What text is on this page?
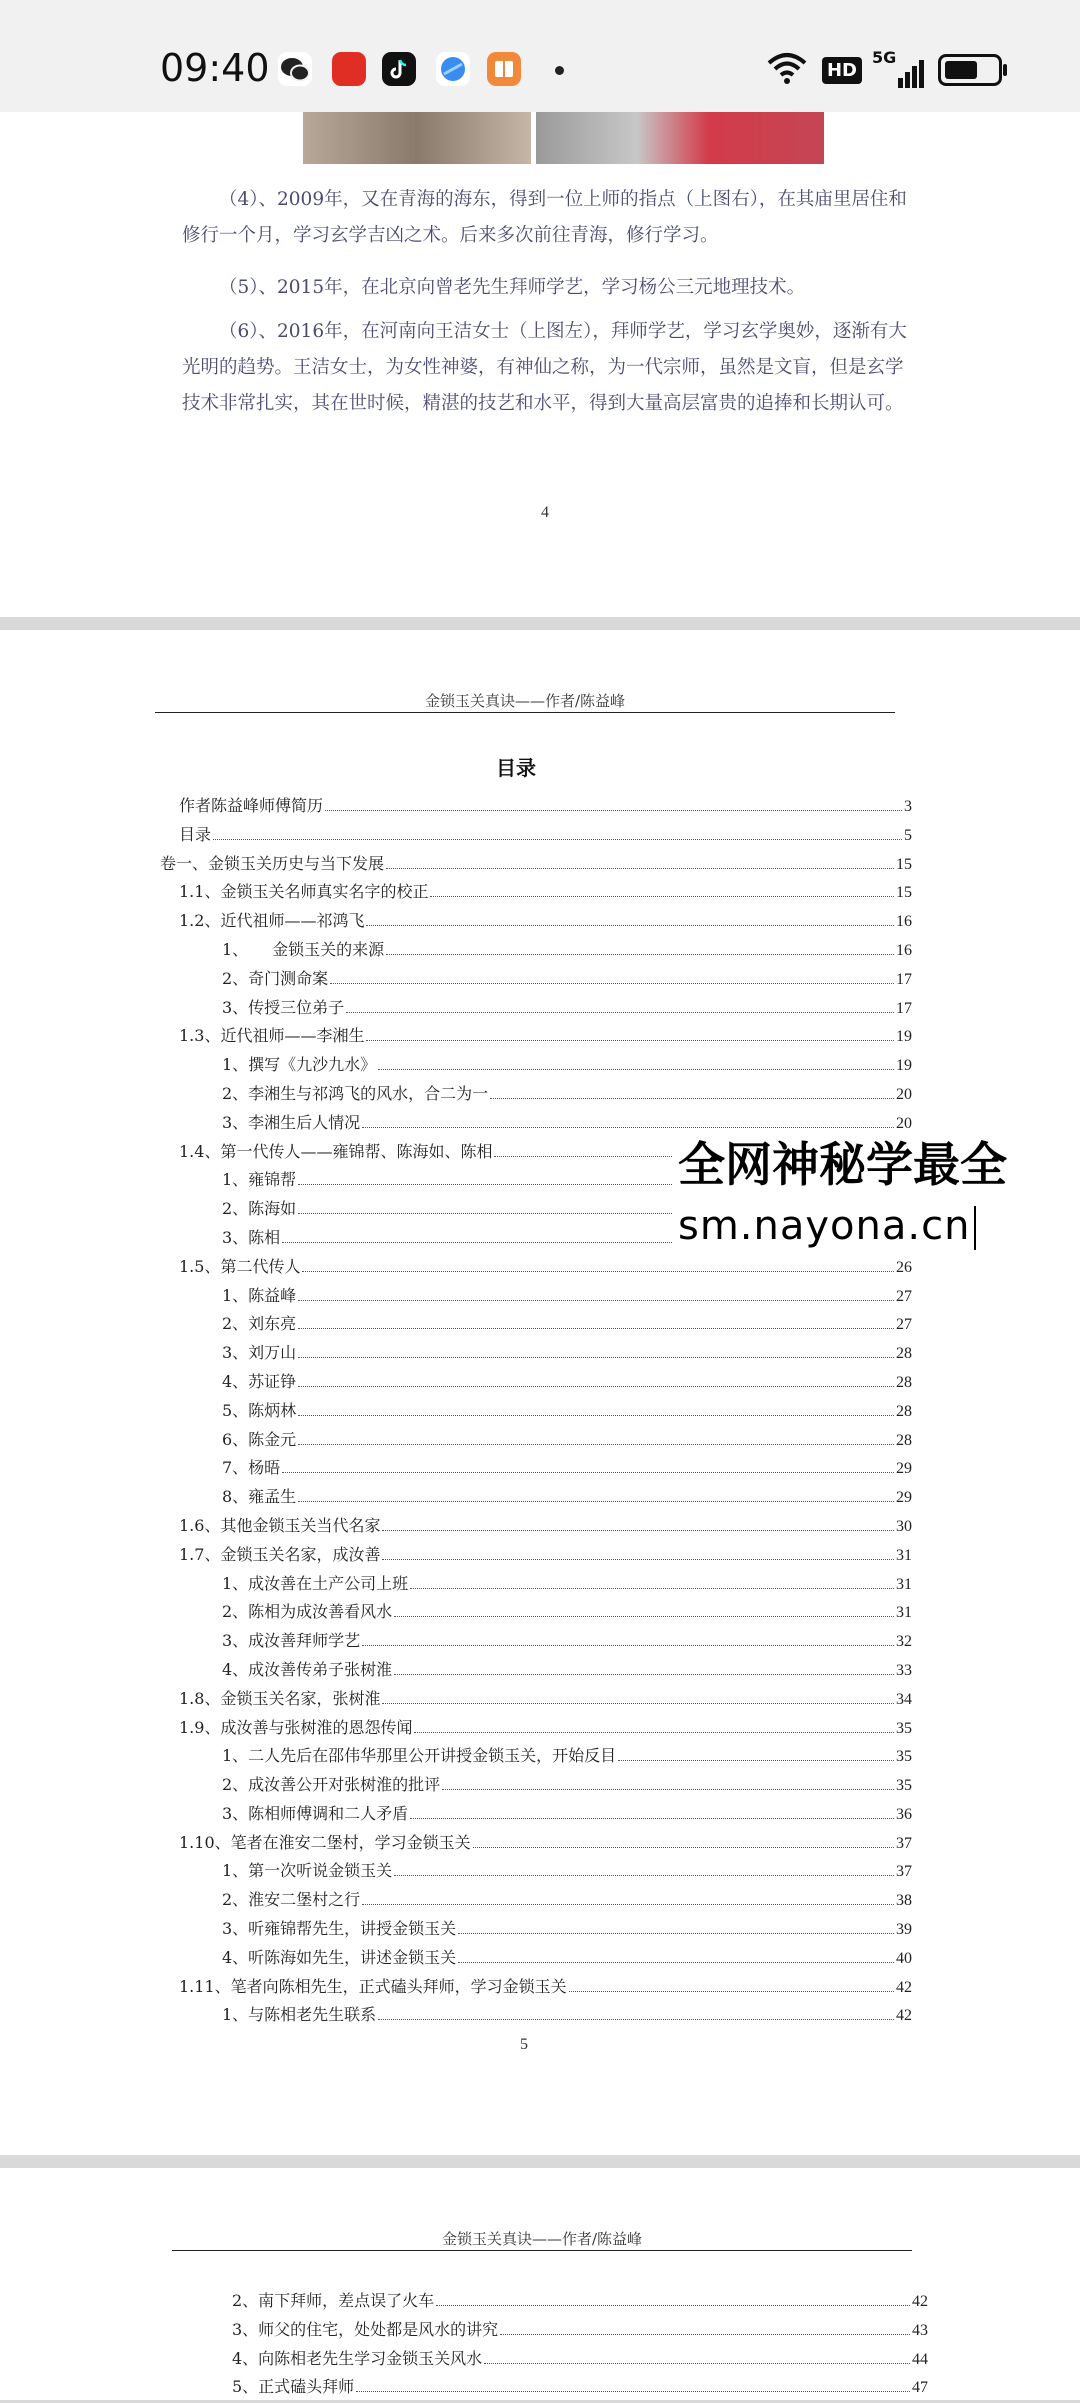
09:40	HD
5G
（4）、2009年，又在青海的海东，得到一位上师的指点（上图右），在其庙里居住和修行一个月，学习玄学吉凶之术。后来多次前往青海，修行学习。
（5）、2015年，在北京向曾老先生拜师学艺，学习杨公三元地理技术。
（6）、2016年，在河南向王洁女士（上图左），拜师学艺，学习玄学奥妙，逐渐有大光明的趋势。王洁女士，为女性神婆，有神仙之称，为一代宗师，虽然是文盲，但是玄学技术非常扎实，其在世时候，精湛的技艺和水平，得到大量高层富贵的追捧和长期认可。
4
金锁玉关真诀——作者/陈益峰
目录
作者陈益峰师傅简历	3
目录	5
卷一、金锁玉关历史与当下发展	15
1.1、金锁玉关名师真实名字的校正	15
1.2、近代祖师——祁鸿飞	16
1、　　金锁玉关的来源	16
2、奇门测命案	17
3、传授三位弟子	17
1.3、近代祖师——李湘生	19
1、撰写《九沙九水》	19
2、李湘生与祁鸿飞的风水，合二为一	20
3、李湘生后人情况	20
1.4、第一代传人——雍锦帮、陈海如、陈相
1、雍锦帮
2、陈海如
3、陈相
1.5、第二代传人	26
1、陈益峰	27
2、刘东亮	27
3、刘万山	28
4、苏证铮	28
5、陈炳林	28
6、陈金元	28
7、杨晤	29
8、雍孟生	29
1.6、其他金锁玉关当代名家	30
1.7、金锁玉关名家，成汝善	31
1、成汝善在土产公司上班	31
2、陈相为成汝善看风水	31
3、成汝善拜师学艺	32
4、成汝善传弟子张树淮	33
1.8、金锁玉关名家，张树淮	34
1.9、成汝善与张树淮的恩怨传闻	35
1、二人先后在邵伟华那里公开讲授金锁玉关，开始反目	35
2、成汝善公开对张树淮的批评	35
3、陈相师傅调和二人矛盾	36
1.10、笔者在淮安二堡村，学习金锁玉关	37
1、第一次听说金锁玉关	37
2、淮安二堡村之行	38
3、听雍锦帮先生，讲授金锁玉关	39
4、听陈海如先生，讲述金锁玉关	40
1.11、笔者向陈相先生，正式磕头拜师，学习金锁玉关	42
1、与陈相老先生联系	42
5
全网神秘学最全
sm.nayona.cn
金锁玉关真诀——作者/陈益峰
2、南下拜师，差点误了火车	42
3、师父的住宅，处处都是风水的讲究	43
4、向陈相老先生学习金锁玉关风水	44
5、正式磕头拜师	47
